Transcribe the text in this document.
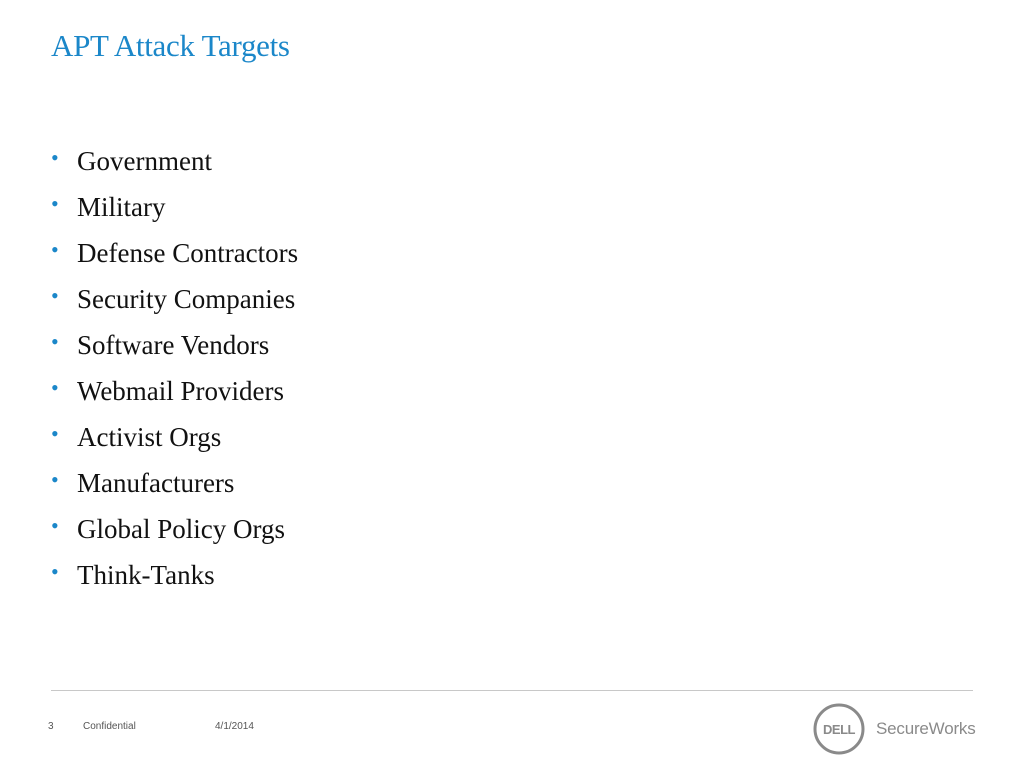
APT Attack Targets
• Government
• Military
• Defense Contractors
• Security Companies
• Software Vendors
• Webmail Providers
• Activist Orgs
• Manufacturers
• Global Policy Orgs
• Think-Tanks
3	Confidential	4/1/2014	DELL SecureWorks
